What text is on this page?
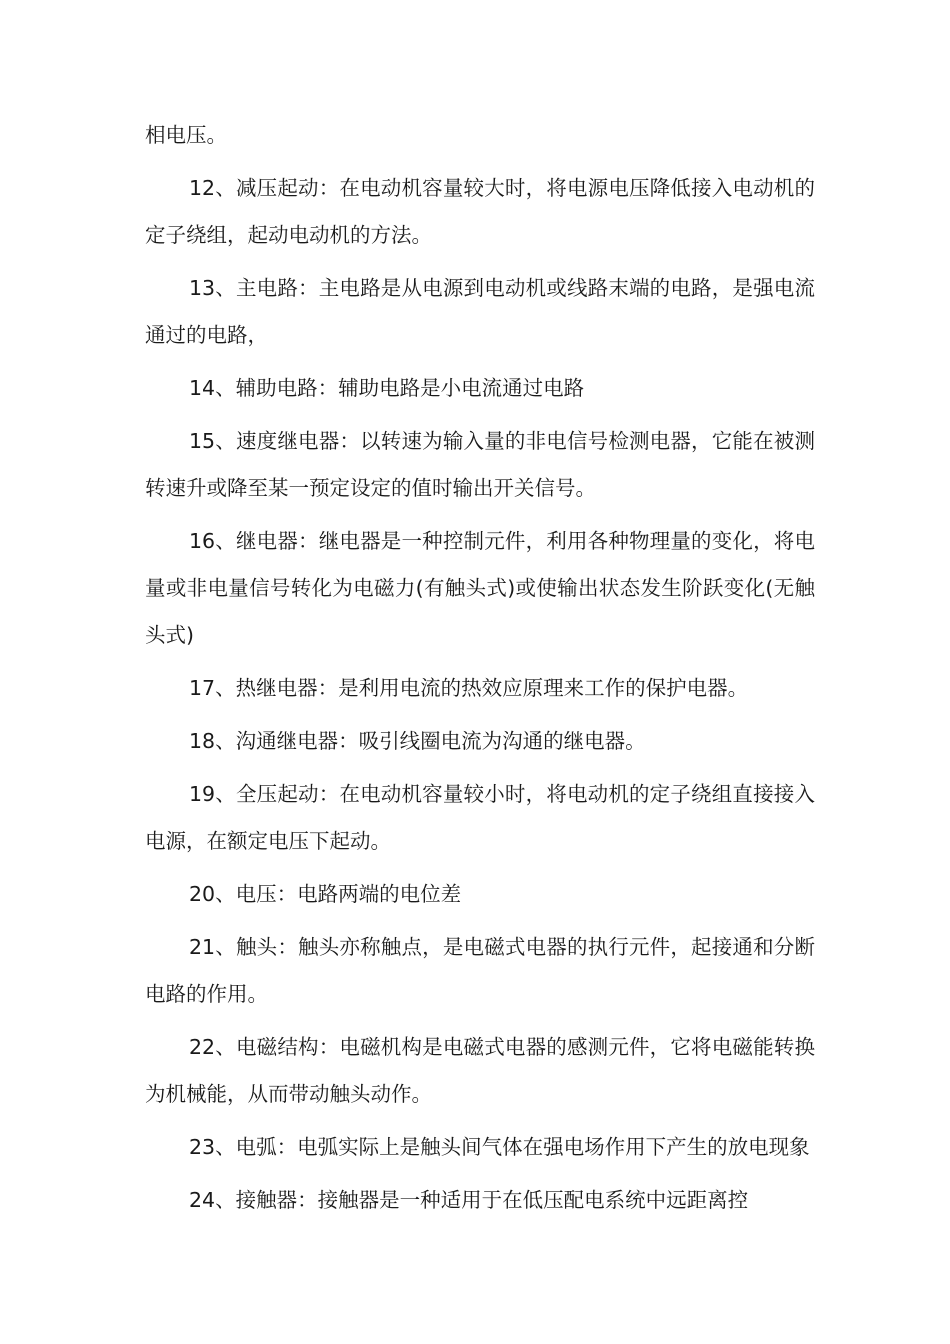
相电压。

12、减压起动：在电动机容量较大时，将电源电压降低接入电动机的定子绕组，起动电动机的方法。

13、主电路：主电路是从电源到电动机或线路末端的电路，是强电流通过的电路，

14、辅助电路：辅助电路是小电流通过电路

15、速度继电器：以转速为输入量的非电信号检测电器，它能在被测转速升或降至某一预定设定的值时输出开关信号。

16、继电器：继电器是一种控制元件，利用各种物理量的变化，将电量或非电量信号转化为电磁力(有触头式)或使输出状态发生阶跃变化(无触头式)

17、热继电器：是利用电流的热效应原理来工作的保护电器。

18、沟通继电器：吸引线圈电流为沟通的继电器。

19、全压起动：在电动机容量较小时，将电动机的定子绕组直接接入电源，在额定电压下起动。

20、电压：电路两端的电位差

21、触头：触头亦称触点，是电磁式电器的执行元件，起接通和分断电路的作用。

22、电磁结构：电磁机构是电磁式电器的感测元件，它将电磁能转换为机械能，从而带动触头动作。

23、电弧：电弧实际上是触头间气体在强电场作用下产生的放电现象

24、接触器：接触器是一种适用于在低压配电系统中远距离控
